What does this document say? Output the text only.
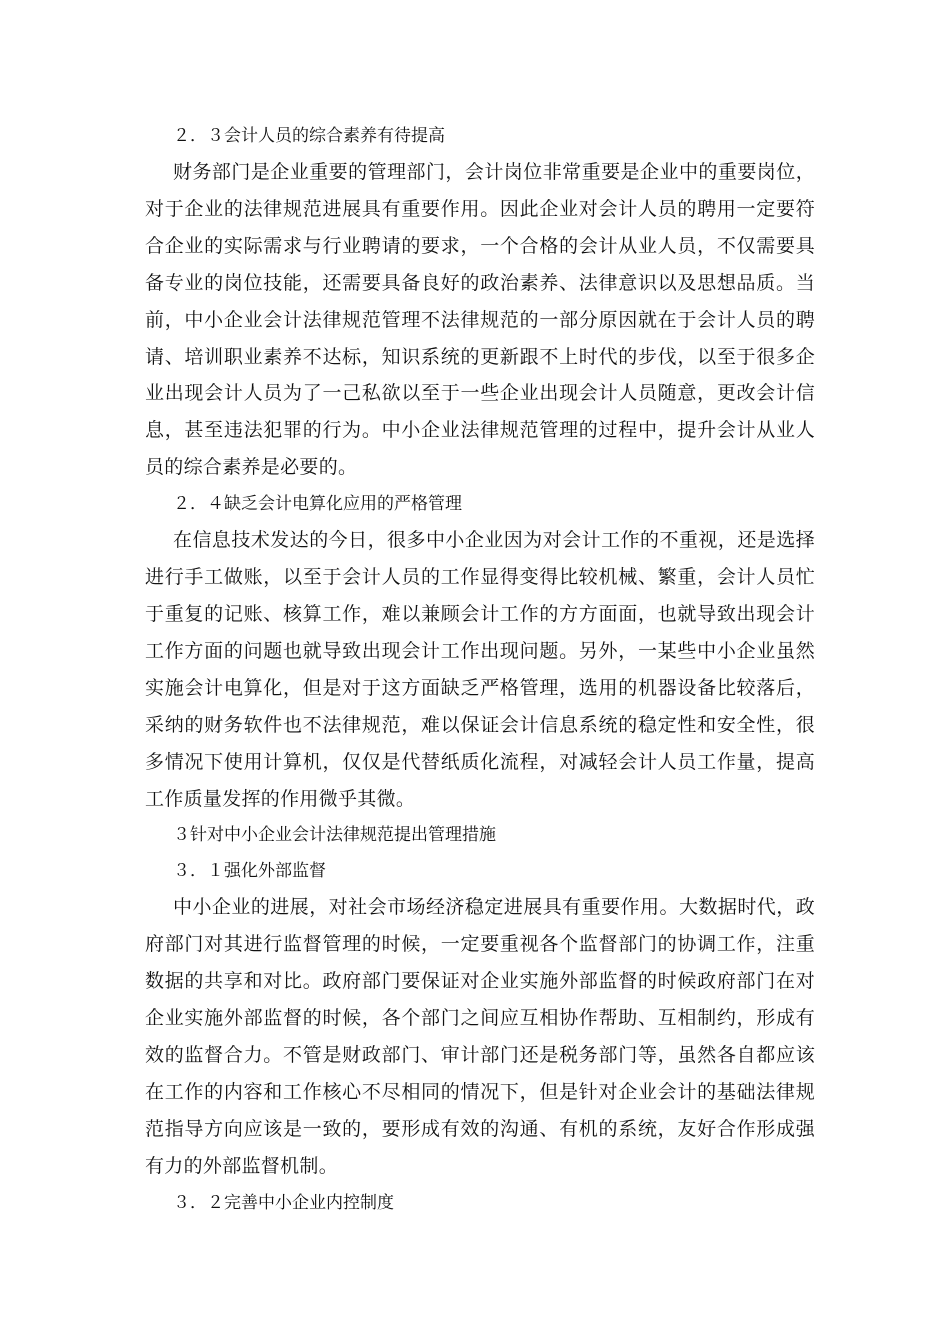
２．３会计人员的综合素养有待提高

财务部门是企业重要的管理部门，会计岗位非常重要是企业中的重要岗位，对于企业的法律规范进展具有重要作用。因此企业对会计人员的聘用一定要符合企业的实际需求与行业聘请的要求，一个合格的会计从业人员，不仅需要具备专业的岗位技能，还需要具备良好的政治素养、法律意识以及思想品质。当前，中小企业会计法律规范管理不法律规范的一部分原因就在于会计人员的聘请、培训职业素养不达标，知识系统的更新跟不上时代的步伐，以至于很多企业出现会计人员为了一己私欲以至于一些企业出现会计人员随意，更改会计信息，甚至违法犯罪的行为。中小企业法律规范管理的过程中，提升会计从业人员的综合素养是必要的。

２．４缺乏会计电算化应用的严格管理

在信息技术发达的今日，很多中小企业因为对会计工作的不重视，还是选择进行手工做账，以至于会计人员的工作显得变得比较机械、繁重，会计人员忙于重复的记账、核算工作，难以兼顾会计工作的方方面面，也就导致出现会计工作方面的问题也就导致出现会计工作出现问题。另外，一某些中小企业虽然实施会计电算化，但是对于这方面缺乏严格管理，选用的机器设备比较落后，采纳的财务软件也不法律规范，难以保证会计信息系统的稳定性和安全性，很多情况下使用计算机，仅仅是代替纸质化流程，对减轻会计人员工作量，提高工作质量发挥的作用微乎其微。

３针对中小企业会计法律规范提出管理措施
３．１强化外部监督

中小企业的进展，对社会市场经济稳定进展具有重要作用。大数据时代，政府部门对其进行监督管理的时候，一定要重视各个监督部门的协调工作，注重数据的共享和对比。政府部门要保证对企业实施外部监督的时候政府部门在对企业实施外部监督的时候，各个部门之间应互相协作帮助、互相制约，形成有效的监督合力。不管是财政部门、审计部门还是税务部门等，虽然各自都应该在工作的内容和工作核心不尽相同的情况下，但是针对企业会计的基础法律规范指导方向应该是一致的，要形成有效的沟通、有机的系统，友好合作形成强有力的外部监督机制。

３．２完善中小企业内控制度
